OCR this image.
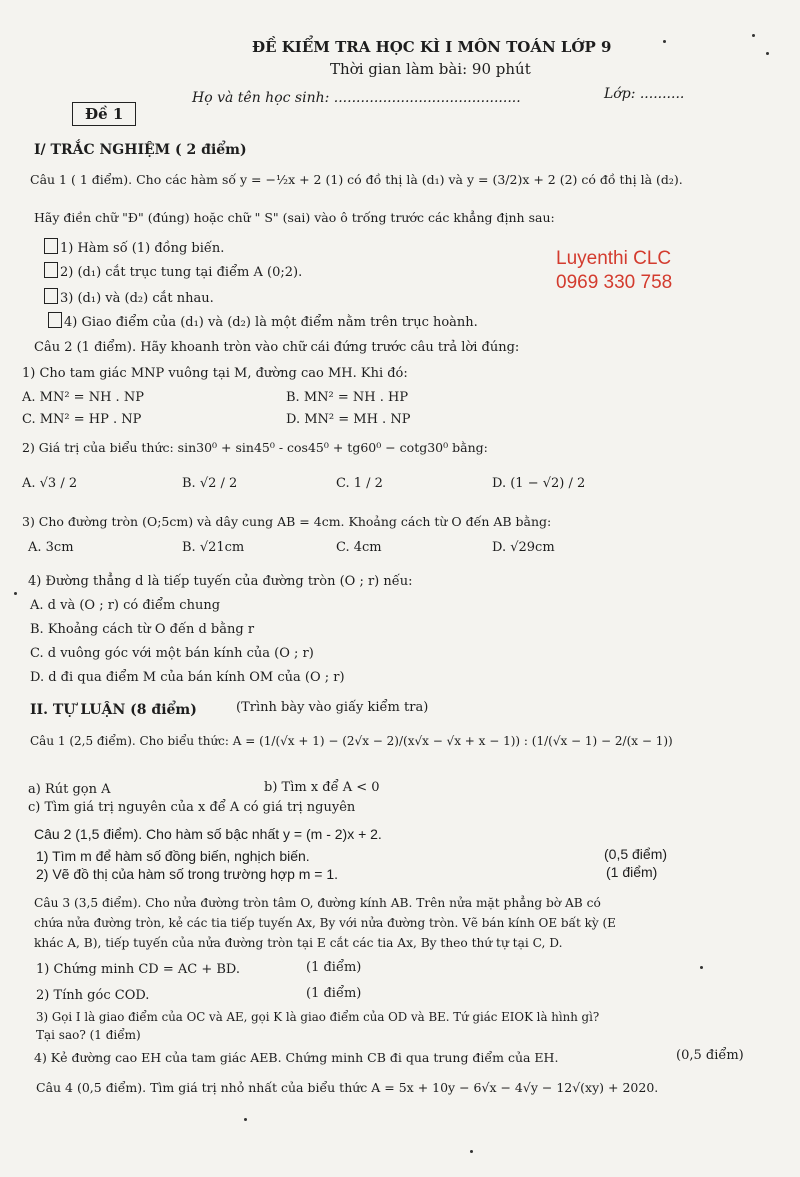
ĐỀ KIỂM TRA HỌC KÌ I MÔN TOÁN LỚP 9
Thời gian làm bài: 90 phút
Đề 1
Họ và tên học sinh: ..........................................	Lớp: ..........
Luyenthi CLC
0969 330 758
I/ TRẮC NGHIỆM ( 2 điểm)
Câu 1 ( 1 điểm). Cho các hàm số y = −½x + 2 (1) có đồ thị là (d₁) và y = (3/2)x + 2 (2) có đồ thị là (d₂).
Hãy điền chữ "Đ" (đúng) hoặc chữ " S" (sai) vào ô trống trước các khẳng định sau:
1) Hàm số (1) đồng biến.
2) (d₁) cắt trục tung tại điểm A (0;2).
3) (d₁) và (d₂) cắt nhau.
4) Giao điểm của (d₁) và (d₂) là một điểm nằm trên trục hoành.
Câu 2 (1 điểm). Hãy khoanh tròn vào chữ cái đứng trước câu trả lời đúng:
1) Cho tam giác MNP vuông tại M, đường cao MH. Khi đó:
A. MN² = NH . NP	B. MN² = NH . HP
C. MN² = HP . NP	D. MN² = MH . NP
2) Giá trị của biểu thức: sin30⁰ + sin45⁰ - cos45⁰ + tg60⁰ − cotg30⁰ bằng:
A. √3 / 2	B. √2 / 2	C. 1 / 2	D. (1 − √2) / 2
3) Cho đường tròn (O;5cm) và dây cung AB = 4cm. Khoảng cách từ O đến AB bằng:
A. 3cm	B. √21cm	C. 4cm	D. √29cm
4) Đường thẳng d là tiếp tuyến của đường tròn (O ; r) nếu:
A. d và (O ; r) có điểm chung
B. Khoảng cách từ O đến d bằng r
C. d vuông góc với một bán kính của (O ; r)
D. d đi qua điểm M của bán kính OM của (O ; r)
II. TỰ LUẬN (8 điểm)	(Trình bày vào giấy kiểm tra)
Câu 1 (2,5 điểm). Cho biểu thức: A = (1/(√x + 1) − (2√x − 2)/(x√x − √x + x − 1)) : (1/(√x − 1) − 2/(x − 1))
a) Rút gọn A	b) Tìm x để A < 0
c) Tìm giá trị nguyên của x để A có giá trị nguyên
Câu 2 (1,5 điểm). Cho hàm số bậc nhất y = (m - 2)x + 2.
1) Tìm m để hàm số đồng biến, nghịch biến.	(0,5 điểm)
2) Vẽ đồ thị của hàm số trong trường hợp m = 1.	(1 điểm)
Câu 3 (3,5 điểm). Cho nửa đường tròn tâm O, đường kính AB. Trên nửa mặt phẳng bờ AB có
chứa nửa đường tròn, kẻ các tia tiếp tuyến Ax, By với nửa đường tròn. Vẽ bán kính OE bất kỳ (E
khác A, B), tiếp tuyến của nửa đường tròn tại E cắt các tia Ax, By theo thứ tự tại C, D.
1) Chứng minh CD = AC + BD.	(1 điểm)
2) Tính góc COD.	(1 điểm)
3) Gọi I là giao điểm của OC và AE, gọi K là giao điểm của OD và BE. Tứ giác EIOK là hình gì?
Tại sao? (1 điểm)
4) Kẻ đường cao EH của tam giác AEB. Chứng minh CB đi qua trung điểm của EH.	(0,5 điểm)
Câu 4 (0,5 điểm). Tìm giá trị nhỏ nhất của biểu thức A = 5x + 10y − 6√x − 4√y − 12√(xy) + 2020.
